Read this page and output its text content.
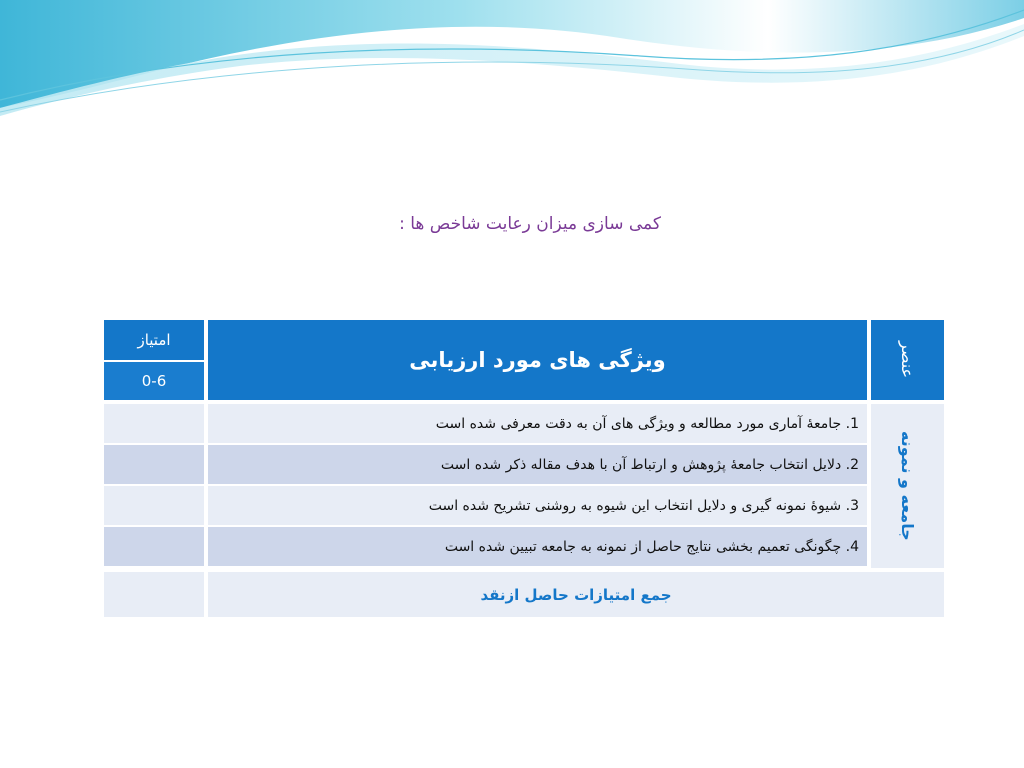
کمی سازی میزان رعایت شاخص ها :
عنصر
ویژگی های مورد ارزیابی
امتیاز
0-6
جامعه و نمونه
1. جامعهٔ آماری مورد مطالعه و ویژگی های آن به دقت معرفی شده است
2. دلایل انتخاب جامعهٔ پژوهش و ارتباط آن با هدف مقاله ذکر شده است
3. شیوهٔ نمونه گیری و دلایل انتخاب این شیوه به روشنی تشریح شده است
4. چگونگی تعمیم بخشی نتایج حاصل از نمونه به جامعه تبیین شده است
جمع امتیازات حاصل ازنقد
